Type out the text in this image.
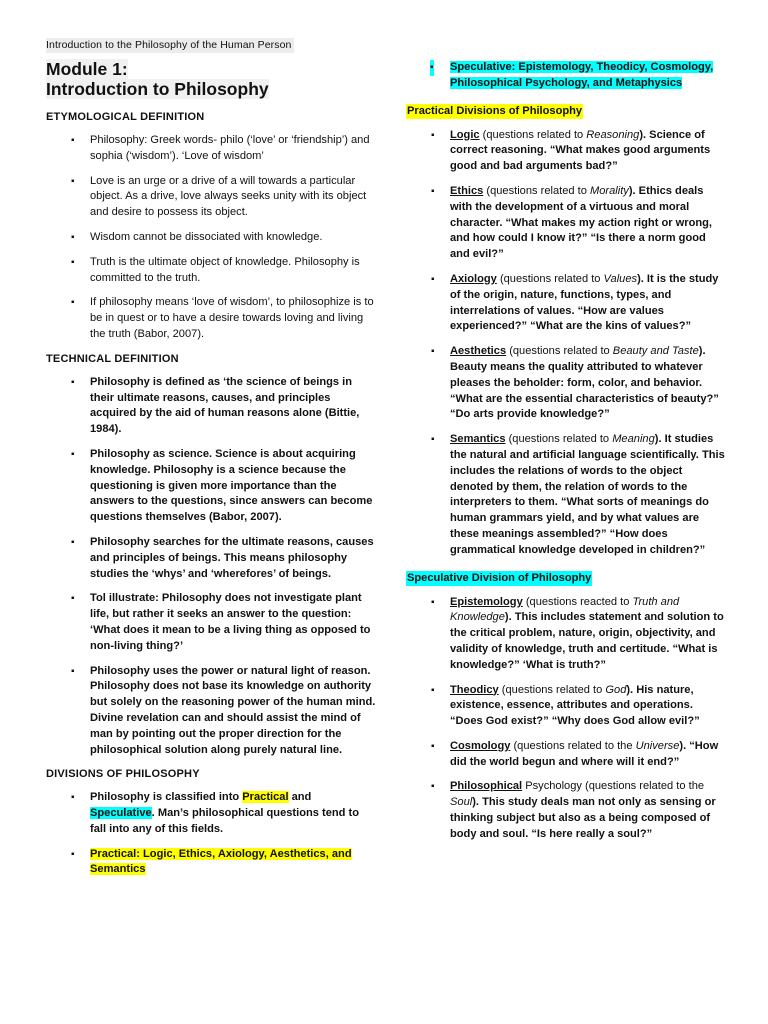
Introduction to the Philosophy of the Human Person
Module 1:
Introduction to Philosophy
ETYMOLOGICAL DEFINITION
▪ Philosophy: Greek words- philo (‘love’ or ‘friendship’) and sophia (‘wisdom’). ‘Love of wisdom’
▪ Love is an urge or a drive of a will towards a particular object. As a drive, love always seeks unity with its object and desire to possess its object.
▪ Wisdom cannot be dissociated with knowledge.
▪ Truth is the ultimate object of knowledge. Philosophy is committed to the truth.
▪ If philosophy means ‘love of wisdom’, to philosophize is to be in quest or to have a desire towards loving and living the truth (Babor, 2007).
TECHNICAL DEFINITION
▪ Philosophy is defined as ‘the science of beings in their ultimate reasons, causes, and principles acquired by the aid of human reasons alone (Bittie, 1984).
▪ Philosophy as science. Science is about acquiring knowledge. Philosophy is a science because the questioning is given more importance than the answers to the questions, since answers can become questions themselves (Babor, 2007).
▪ Philosophy searches for the ultimate reasons, causes and principles of beings. This means philosophy studies the ‘whys’ and ‘wherefores’ of beings.
▪ Tol illustrate: Philosophy does not investigate plant life, but rather it seeks an answer to the question: ‘What does it mean to be a living thing as opposed to non-living thing?’
▪ Philosophy uses the power or natural light of reason. Philosophy does not base its knowledge on authority but solely on the reasoning power of the human mind. Divine revelation can and should assist the mind of man by pointing out the proper direction for the philosophical solution along purely natural line.
DIVISIONS OF PHILOSOPHY
▪ Philosophy is classified into Practical and Speculative. Man’s philosophical questions tend to fall into any of this fields.
▪ Practical: Logic, Ethics, Axiology, Aesthetics, and Semantics
▪ Speculative: Epistemology, Theodicy, Cosmology, Philosophical Psychology, and Metaphysics
Practical Divisions of Philosophy
▪ Logic (questions related to Reasoning). Science of correct reasoning. “What makes good arguments good and bad arguments bad?”
▪ Ethics (questions related to Morality). Ethics deals with the development of a virtuous and moral character. “What makes my action right or wrong, and how could I know it?” “Is there a norm good and evil?”
▪ Axiology (questions related to Values). It is the study of the origin, nature, functions, types, and interrelations of values. “How are values experienced?” “What are the kins of values?”
▪ Aesthetics (questions related to Beauty and Taste). Beauty means the quality attributed to whatever pleases the beholder: form, color, and behavior. “What are the essential characteristics of beauty?” “Do arts provide knowledge?”
▪ Semantics (questions related to Meaning). It studies the natural and artificial language scientifically. This includes the relations of words to the object denoted by them, the relation of words to the interpreters to them. “What sorts of meanings do human grammars yield, and by what values are these meanings assembled?” “How does grammatical knowledge developed in children?”
Speculative Division of Philosophy
▪ Epistemology (questions reacted to Truth and Knowledge). This includes statement and solution to the critical problem, nature, origin, objectivity, and validity of knowledge, truth and certitude. “What is knowledge?” ‘What is truth?”
▪ Theodicy (questions related to God). His nature, existence, essence, attributes and operations. “Does God exist?” “Why does God allow evil?”
▪ Cosmology (questions related to the Universe). “How did the world begun and where will it end?”
▪ Philosophical Psychology (questions related to the Soul). This study deals man not only as sensing or thinking subject but also as a being composed of body and soul. “Is here really a soul?”
